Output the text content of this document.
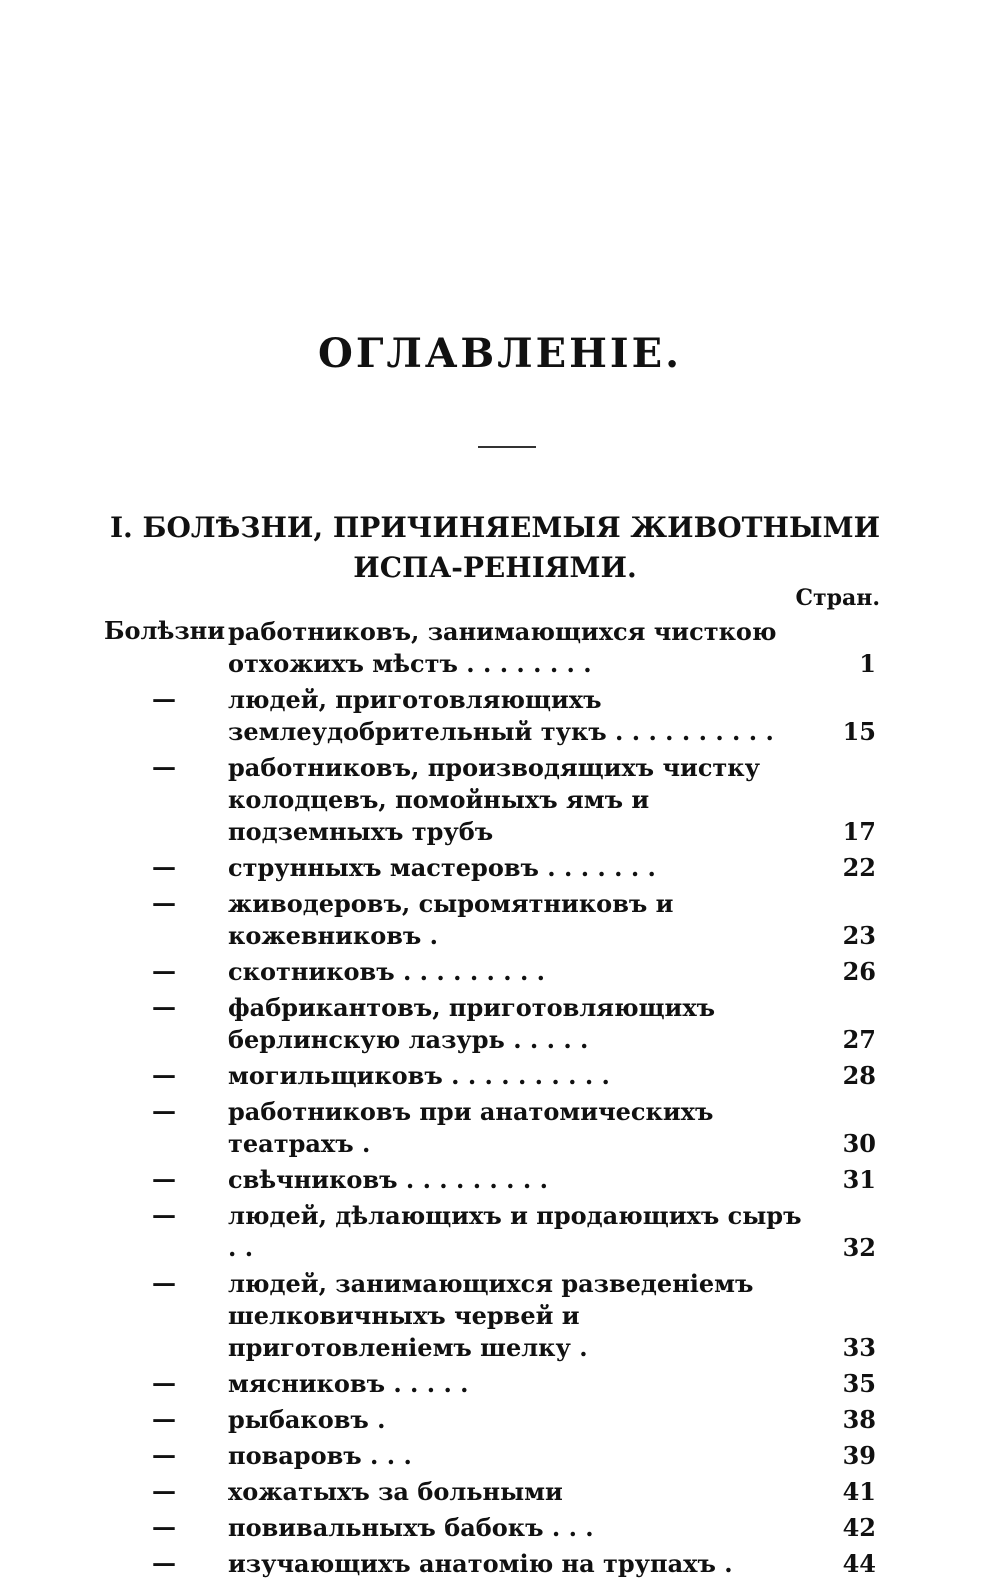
ОГЛАВЛЕНIЕ.
I. БОЛѢЗНИ, ПРИЧИНЯЕМЫЯ ЖИВОТНЫМИ ИСПА-РЕНIЯМИ.
Стран.
Болѣзни работниковъ, занимающихся чисткою отхожихъ мѣстъ . . . . . . . .	1
— людей, приготовляющихъ землеудобрительный тукъ . . . . . . . . . .	15
— работниковъ, производящихъ чистку колодцевъ, помойныхъ ямъ и подземныхъ трубъ	17
— струнныхъ мастеровъ . . . . . . .	22
— живодеровъ, сыромятниковъ и кожевниковъ .	23
— скотниковъ . . . . . . . . .	26
— фабрикантовъ, приготовляющихъ берлинскую лазурь . . . . .	27
— могильщиковъ . . . . . . . . . .	28
— работниковъ при анатомическихъ театрахъ .	30
— свѣчниковъ . . . . . . . . .	31
— людей, дѣлающихъ и продающихъ сыръ . .	32
— людей, занимающихся разведенiемъ шелковичныхъ червей и приготовленiемъ шелку .	33
— мясниковъ . . . . .	35
— рыбаковъ .	38
— поваровъ . . .	39
— хожатыхъ за больными	41
— повивальныхъ бабокъ . . .	42
— изучающихъ анатомiю на трупахъ .	44
